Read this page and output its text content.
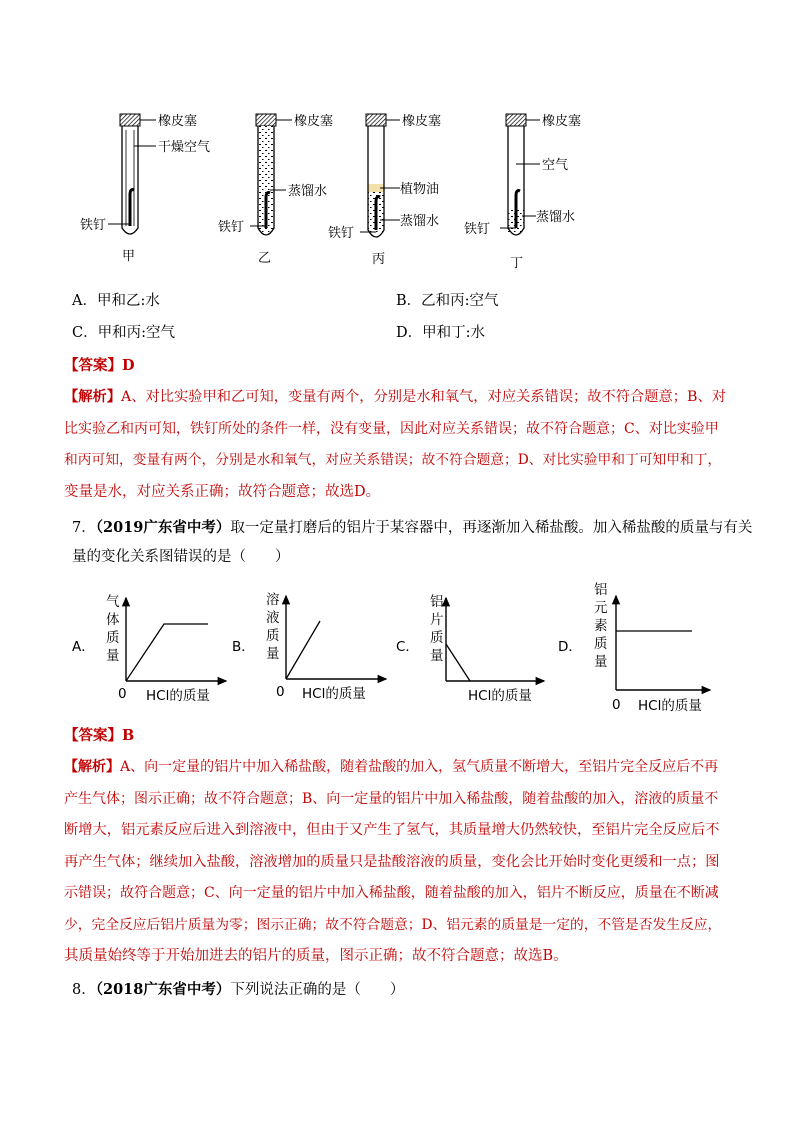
橡皮塞
干燥空气
铁钉
甲
橡皮塞
蒸馏水
铁钉
乙
橡皮塞
植物油
蒸馏水
铁钉
丙
橡皮塞
空气
蒸馏水
铁钉
丁
A．甲和乙:水	B．乙和丙:空气
C．甲和丙:空气	D．甲和丁:水
【答案】D
【解析】A、对比实验甲和乙可知，变量有两个，分别是水和氧气，对应关系错误；故不符合题意；B、对
比实验乙和丙可知，铁钉所处的条件一样，没有变量，因此对应关系错误；故不符合题意；C、对比实验甲
和丙可知，变量有两个，分别是水和氧气，对应关系错误；故不符合题意；D、对比实验甲和丁可知甲和丁，
变量是水，对应关系正确；故符合题意；故选D。
7．（2019广东省中考）取一定量打磨后的铝片于某容器中，再逐渐加入稀盐酸。加入稀盐酸的质量与有关
量的变化关系图错误的是（　　）
A．
气
体
质
量
0 HCl的质量
B．
溶
液
质
量
0 HCl的质量
C．
铝
片
质
量
HCl的质量
D．
铝
元
素
质
量
0 HCl的质量
【答案】B
【解析】A、向一定量的铝片中加入稀盐酸，随着盐酸的加入，氢气质量不断增大，至铝片完全反应后不再
产生气体；图示正确；故不符合题意；B、向一定量的铝片中加入稀盐酸，随着盐酸的加入，溶液的质量不
断增大，铝元素反应后进入到溶液中，但由于又产生了氢气，其质量增大仍然较快，至铝片完全反应后不
再产生气体；继续加入盐酸，溶液增加的质量只是盐酸溶液的质量，变化会比开始时变化更缓和一点；图
示错误；故符合题意；C、向一定量的铝片中加入稀盐酸，随着盐酸的加入，铝片不断反应，质量在不断减
少，完全反应后铝片质量为零；图示正确；故不符合题意；D、铝元素的质量是一定的，不管是否发生反应，
其质量始终等于开始加进去的铝片的质量，图示正确；故不符合题意；故选B。
8．（2018广东省中考）下列说法正确的是（　　）
